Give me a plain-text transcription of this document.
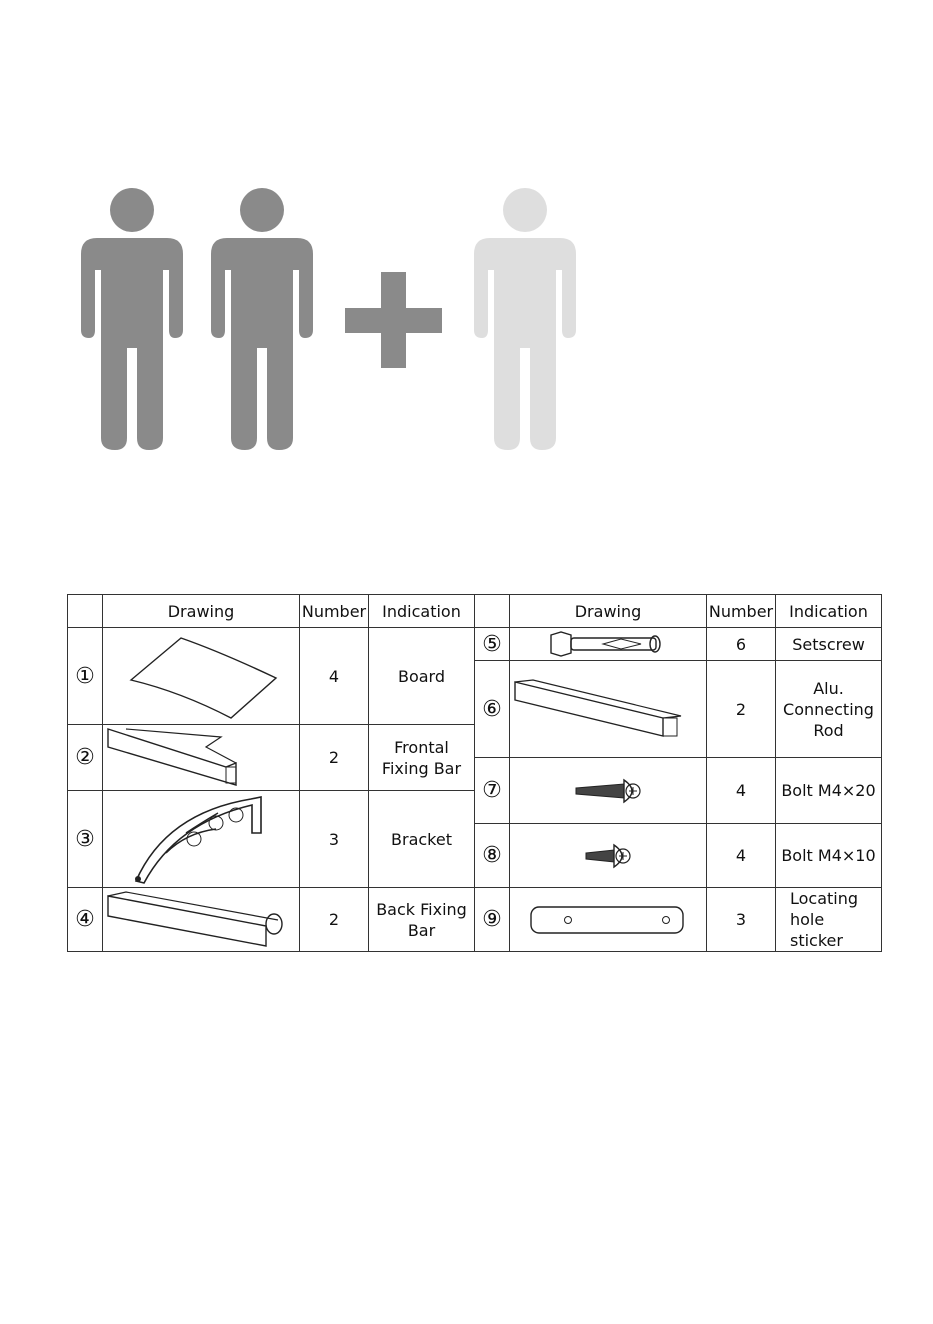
	Drawing	Number	Indication		Drawing	Number	Indication
①		4	Board	⑤		6	Setscrew
				⑥		2	Alu. Connecting Rod
②		2	Frontal Fixing Bar				
				⑦		4	Bolt M4×20
③		3	Bracket				
				⑧		4	Bolt M4×10
④		2	Back Fixing Bar	⑨		3	Locating hole sticker
